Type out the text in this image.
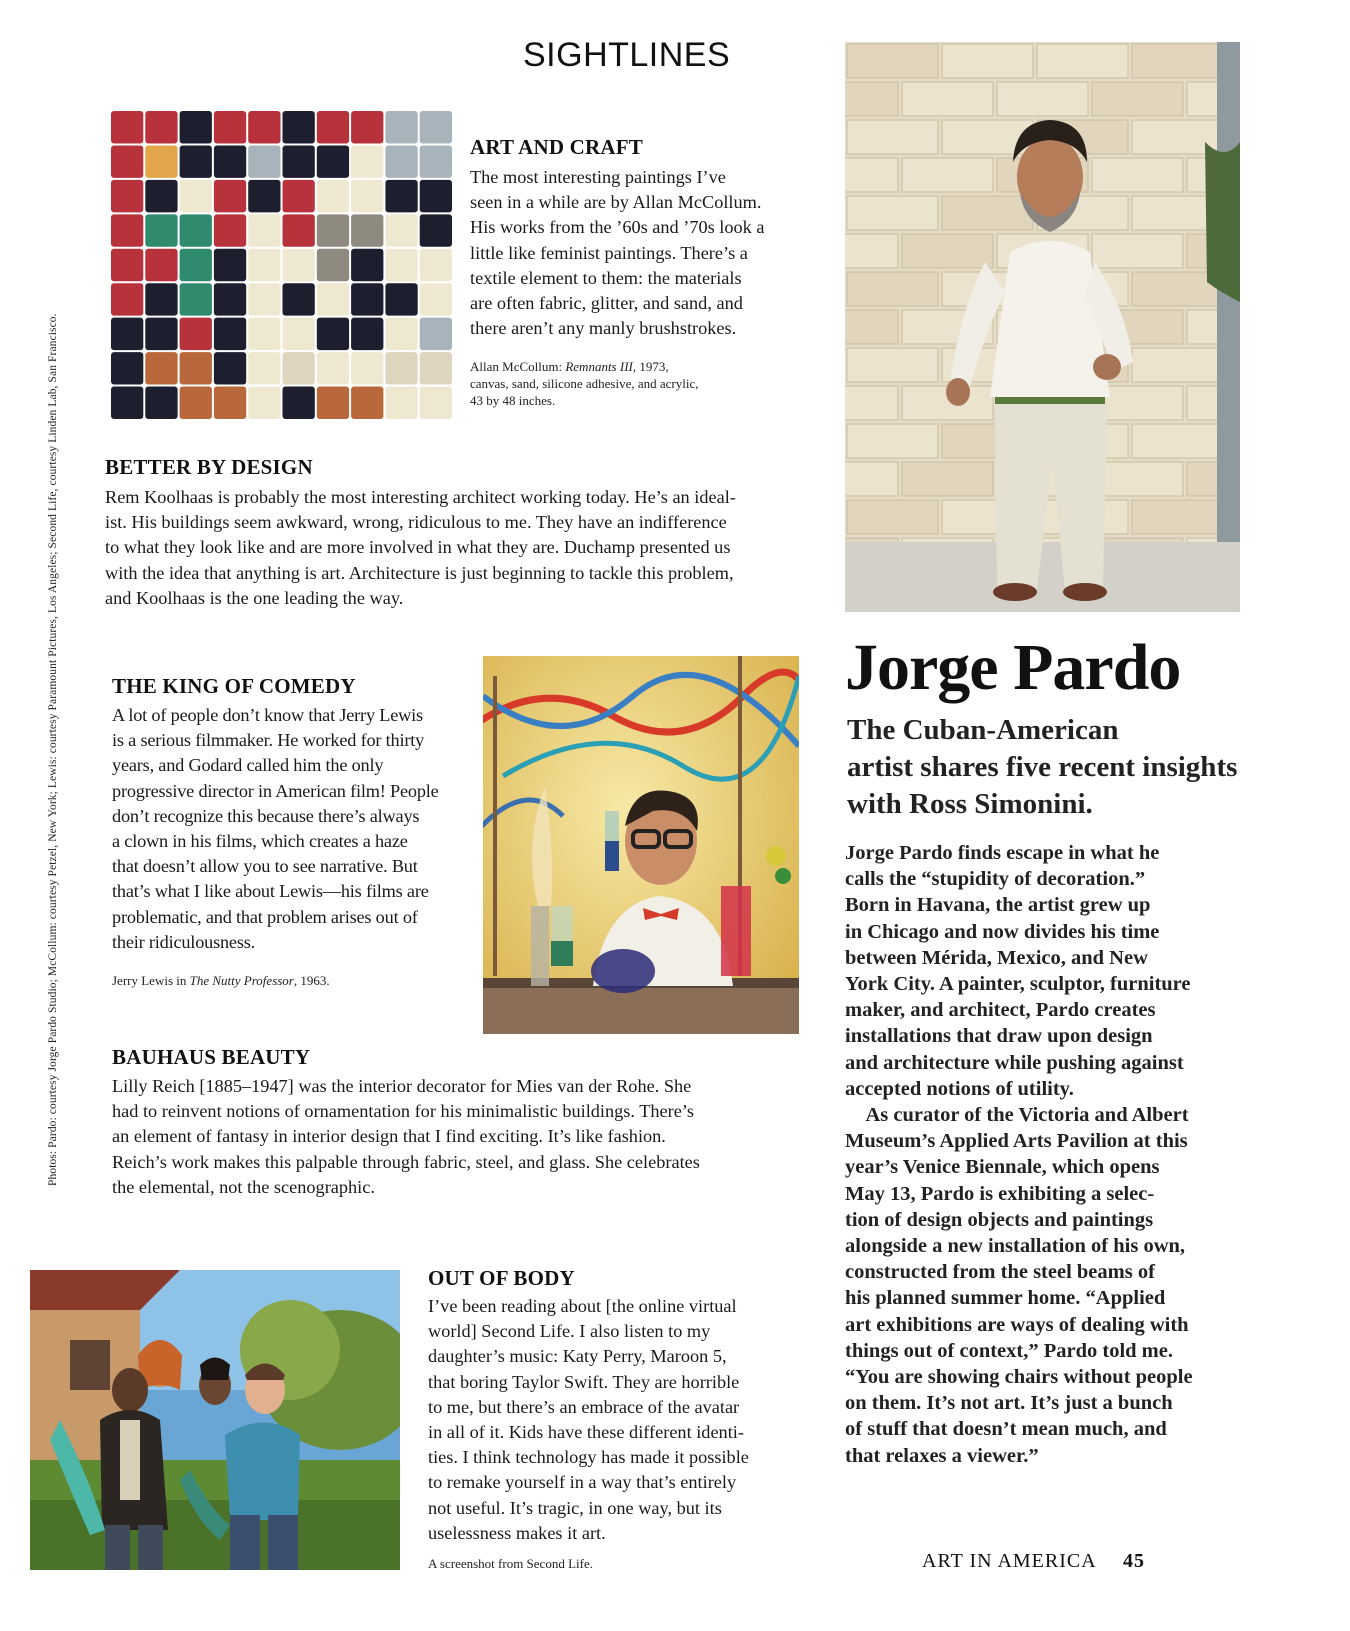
SIGHTLINES
Photos: Pardo: courtesy Jorge Pardo Studio; McCollum: courtesy Petzel, New York; Lewis: courtesy Paramount Pictures, Los Angeles; Second Life, courtesy Linden Lab, San Francisco.
ART AND CRAFT
The most interesting paintings I’ve
seen in a while are by Allan McCollum.
His works from the ’60s and ’70s look a
little like feminist paintings. There’s a
textile element to them: the materials
are often fabric, glitter, and sand, and
there aren’t any manly brushstrokes.
Allan McCollum: Remnants III, 1973,
canvas, sand, silicone adhesive, and acrylic,
43 by 48 inches.
BETTER BY DESIGN
Rem Koolhaas is probably the most interesting architect working today. He’s an ideal-
ist. His buildings seem awkward, wrong, ridiculous to me. They have an indifference
to what they look like and are more involved in what they are. Duchamp presented us
with the idea that anything is art. Architecture is just beginning to tackle this problem,
and Koolhaas is the one leading the way.
THE KING OF COMEDY
A lot of people don’t know that Jerry Lewis
is a serious filmmaker. He worked for thirty
years, and Godard called him the only
progressive director in American film! People
don’t recognize this because there’s always
a clown in his films, which creates a haze
that doesn’t allow you to see narrative. But
that’s what I like about Lewis—his films are
problematic, and that problem arises out of
their ridiculousness.
Jerry Lewis in The Nutty Professor, 1963.
BAUHAUS BEAUTY
Lilly Reich [1885–1947] was the interior decorator for Mies van der Rohe. She
had to reinvent notions of ornamentation for his minimalistic buildings. There’s
an element of fantasy in interior design that I find exciting. It’s like fashion.
Reich’s work makes this palpable through fabric, steel, and glass. She celebrates
the elemental, not the scenographic.
OUT OF BODY
I’ve been reading about [the online virtual
world] Second Life. I also listen to my
daughter’s music: Katy Perry, Maroon 5,
that boring Taylor Swift. They are horrible
to me, but there’s an embrace of the avatar
in all of it. Kids have these different identi-
ties. I think technology has made it possible
to remake yourself in a way that’s entirely
not useful. It’s tragic, in one way, but its
uselessness makes it art.
A screenshot from Second Life.
Jorge Pardo
The Cuban-American
artist shares five recent insights
with Ross Simonini.
Jorge Pardo finds escape in what he
calls the “stupidity of decoration.”
Born in Havana, the artist grew up
in Chicago and now divides his time
between Mérida, Mexico, and New
York City. A painter, sculptor, furniture
maker, and architect, Pardo creates
installations that draw upon design
and architecture while pushing against
accepted notions of utility.
 As curator of the Victoria and Albert
Museum’s Applied Arts Pavilion at this
year’s Venice Biennale, which opens
May 13, Pardo is exhibiting a selec-
tion of design objects and paintings
alongside a new installation of his own,
constructed from the steel beams of
his planned summer home. “Applied
art exhibitions are ways of dealing with
things out of context,” Pardo told me.
“You are showing chairs without people
on them. It’s not art. It’s just a bunch
of stuff that doesn’t mean much, and
that relaxes a viewer.”
ART IN AMERICA 45
